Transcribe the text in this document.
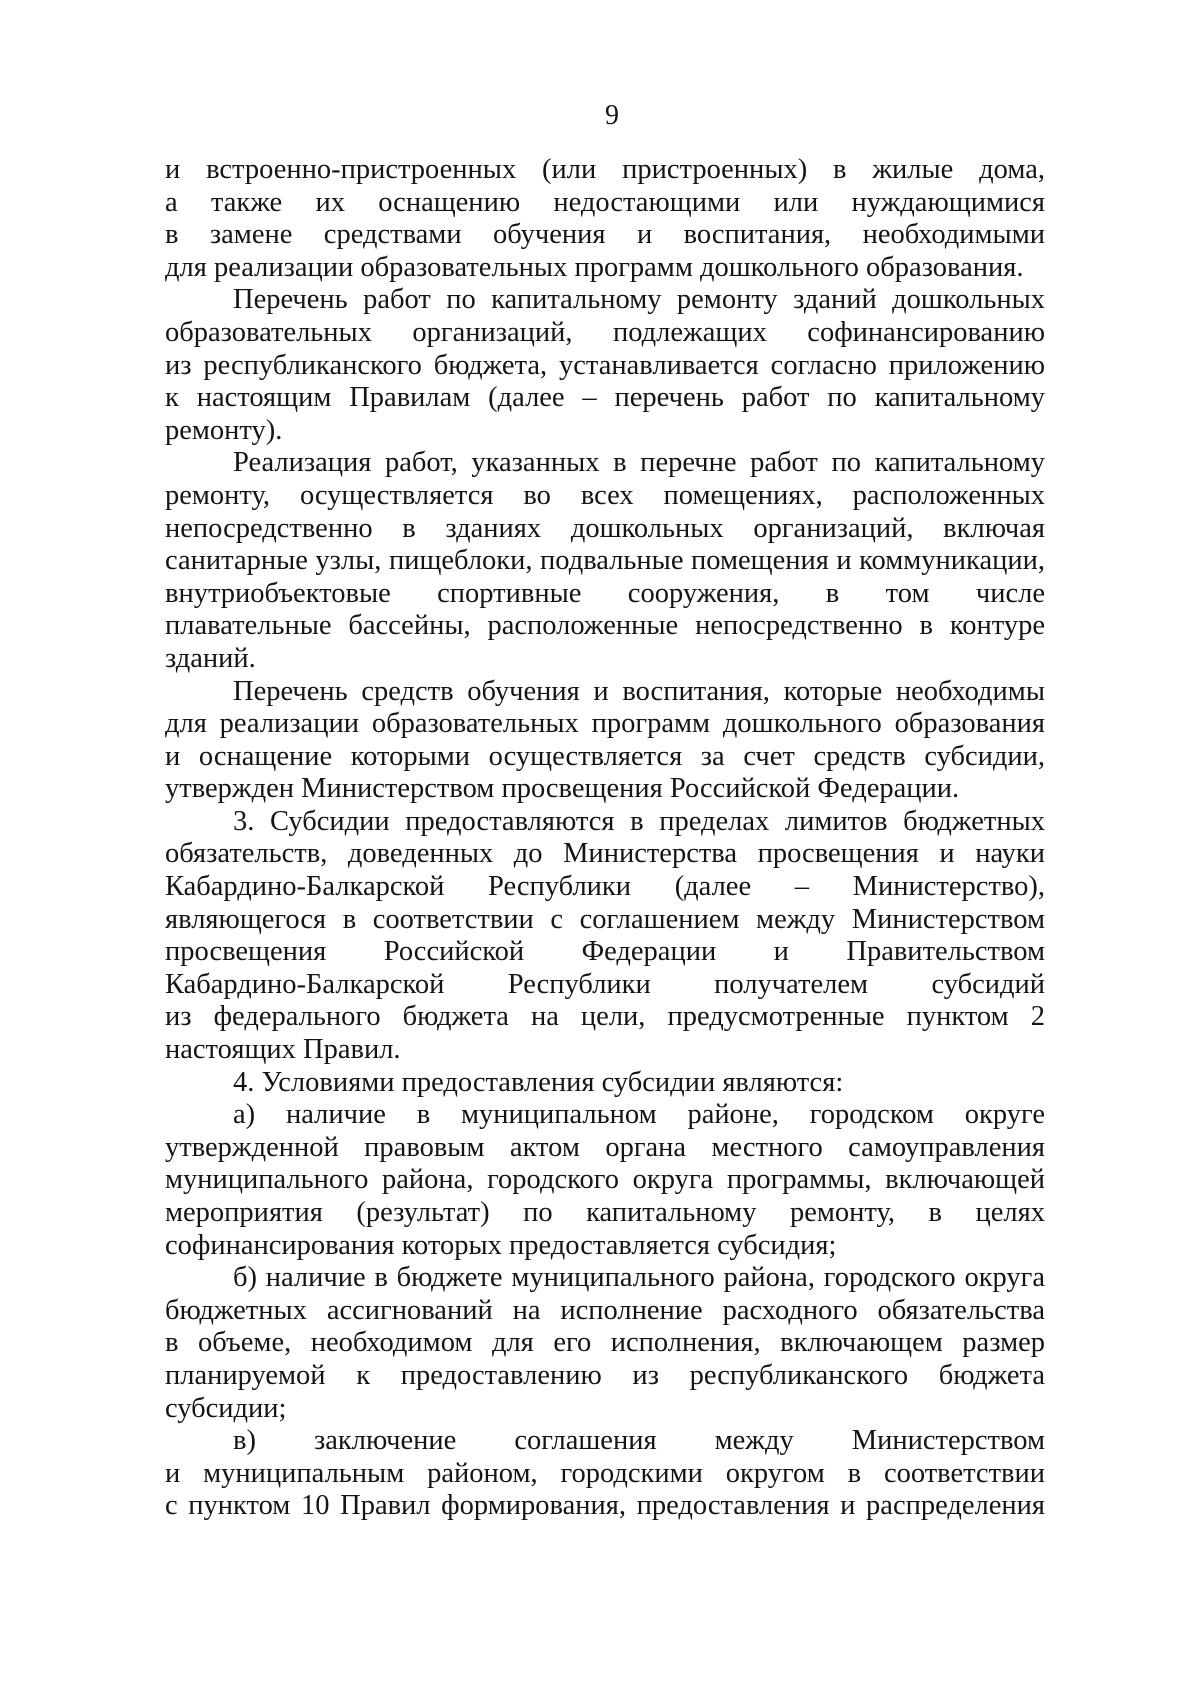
9
и встроенно-пристроенных (или пристроенных) в жилые дома,
а также их оснащению недостающими или нуждающимися
в замене средствами обучения и воспитания, необходимыми
для реализации образовательных программ дошкольного образования.
Перечень работ по капитальному ремонту зданий дошкольных
образовательных организаций, подлежащих софинансированию
из республиканского бюджета, устанавливается согласно приложению
к настоящим Правилам (далее – перечень работ по капитальному
ремонту).
Реализация работ, указанных в перечне работ по капитальному
ремонту, осуществляется во всех помещениях, расположенных
непосредственно в зданиях дошкольных организаций, включая
санитарные узлы, пищеблоки, подвальные помещения и коммуникации,
внутриобъектовые спортивные сооружения, в том числе
плавательные бассейны, расположенные непосредственно в контуре
зданий.
Перечень средств обучения и воспитания, которые необходимы
для реализации образовательных программ дошкольного образования
и оснащение которыми осуществляется за счет средств субсидии,
утвержден Министерством просвещения Российской Федерации.
3. Субсидии предоставляются в пределах лимитов бюджетных
обязательств, доведенных до Министерства просвещения и науки
Кабардино-Балкарской Республики (далее – Министерство),
являющегося в соответствии с соглашением между Министерством
просвещения Российской Федерации и Правительством
Кабардино-Балкарской Республики получателем субсидий
из федерального бюджета на цели, предусмотренные пунктом 2
настоящих Правил.
4. Условиями предоставления субсидии являются:
а) наличие в муниципальном районе, городском округе
утвержденной правовым актом органа местного самоуправления
муниципального района, городского округа программы, включающей
мероприятия (результат) по капитальному ремонту, в целях
софинансирования которых предоставляется субсидия;
б) наличие в бюджете муниципального района, городского округа
бюджетных ассигнований на исполнение расходного обязательства
в объеме, необходимом для его исполнения, включающем размер
планируемой к предоставлению из республиканского бюджета
субсидии;
в) заключение соглашения между Министерством
и муниципальным районом, городскими округом в соответствии
с пунктом 10 Правил формирования, предоставления и распределения
